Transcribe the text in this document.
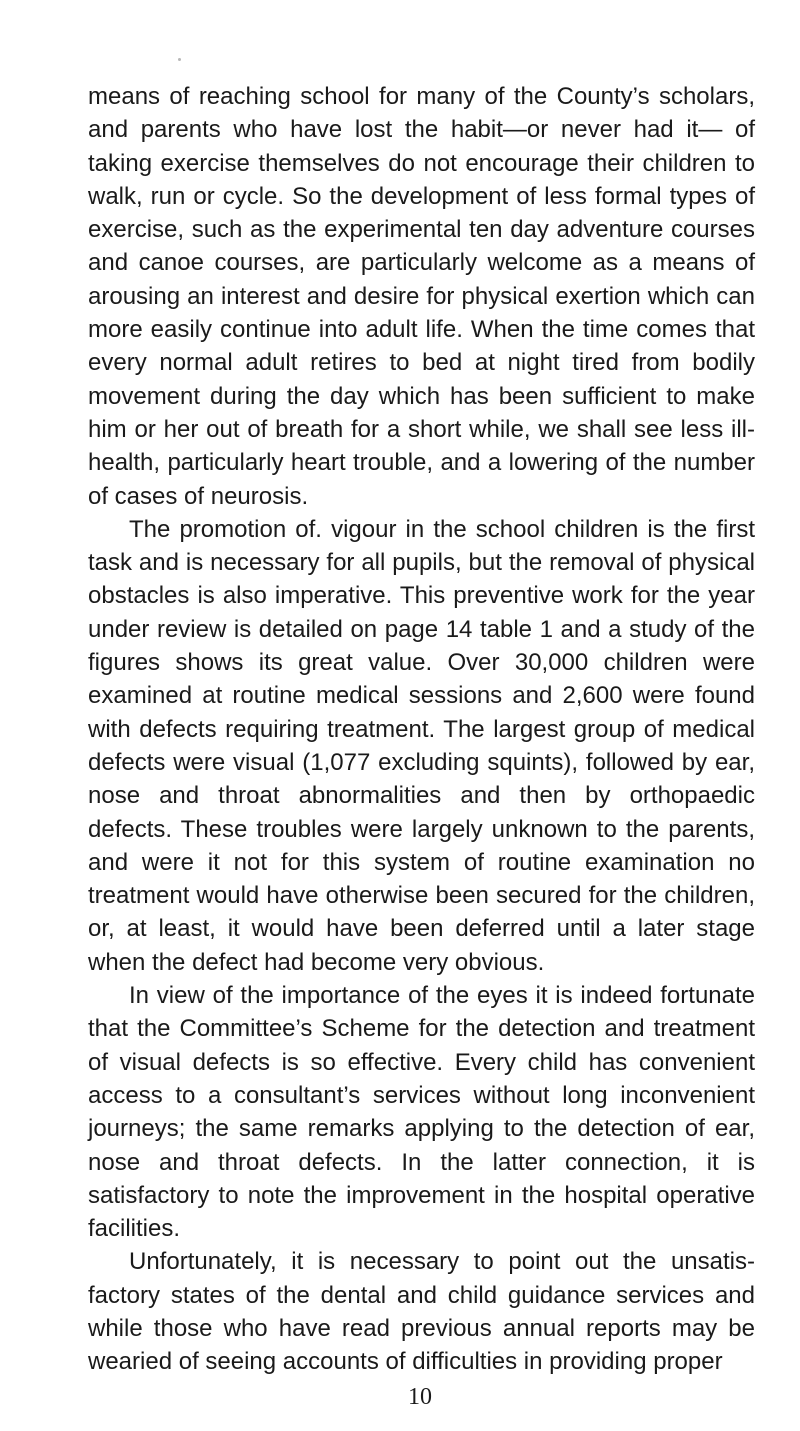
means of reaching school for many of the County’s scholars, and parents who have lost the habit—or never had it— of taking exercise themselves do not encourage their children to walk, run or cycle. So the development of less formal types of exercise, such as the experimental ten day adventure courses and canoe courses, are particularly welcome as a means of arousing an interest and desire for physical exertion which can more easily continue into adult life. When the time comes that every normal adult retires to bed at night tired from bodily movement during the day which has been sufficient to make him or her out of breath for a short while, we shall see less ill-health, particularly heart trouble, and a lowering of the number of cases of neurosis.

The promotion of. vigour in the school children is the first task and is necessary for all pupils, but the removal of physical obstacles is also imperative. This preventive work for the year under review is detailed on page 14 table 1 and a study of the figures shows its great value. Over 30,000 children were examined at routine medical sessions and 2,600 were found with defects requiring treatment. The largest group of medical defects were visual (1,077 excluding squints), followed by ear, nose and throat abnormalities and then by orthopaedic defects. These troubles were largely unknown to the parents, and were it not for this system of routine examination no treatment would have otherwise been secured for the children, or, at least, it would have been deferred until a later stage when the defect had become very obvious.

In view of the importance of the eyes it is indeed fortunate that the Committee’s Scheme for the detection and treatment of visual defects is so effective. Every child has convenient access to a consultant’s services without long inconvenient journeys; the same remarks applying to the detection of ear, nose and throat defects. In the latter connection, it is satisfactory to note the improvement in the hospital operative facilities.

Unfortunately, it is necessary to point out the unsatis- factory states of the dental and child guidance services and while those who have read previous annual reports may be wearied of seeing accounts of difficulties in providing proper

10
